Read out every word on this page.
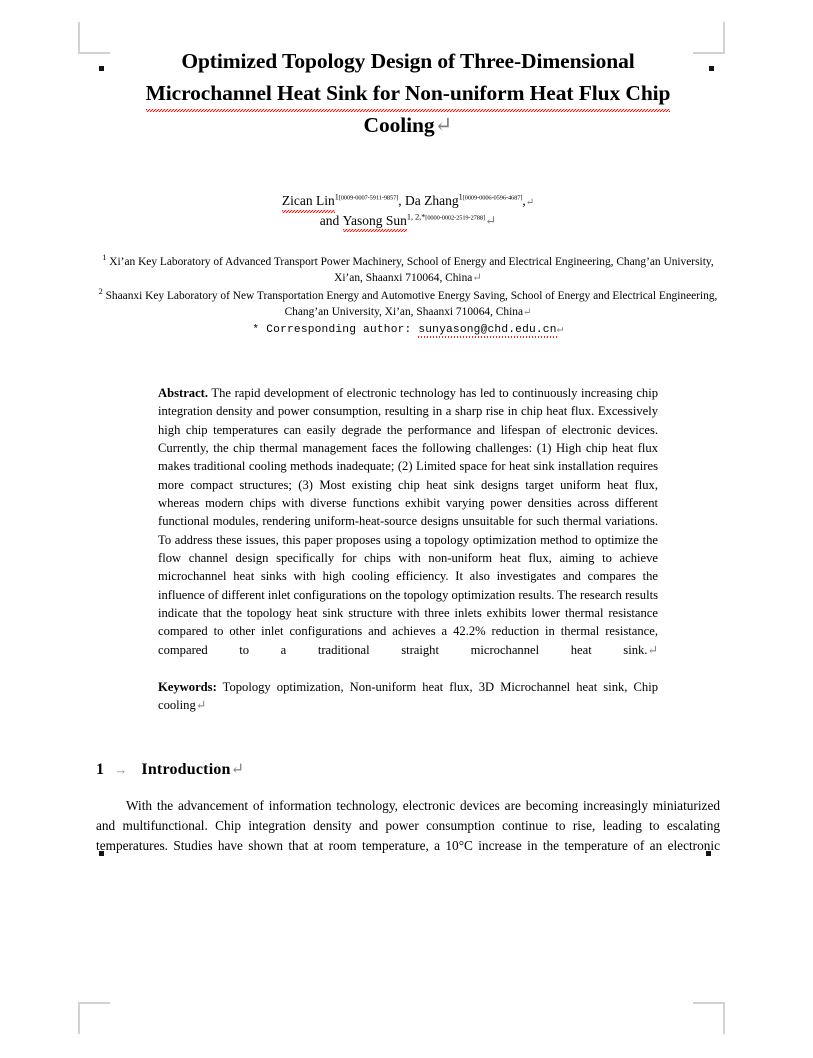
Optimized Topology Design of Three-Dimensional
Microchannel Heat Sink for Non-uniform Heat Flux Chip
Cooling↵
Zican Lin$^{1[0009-0007-5911-9857]}$, Da Zhang$^{1[0009-0006-0596-4687]}$,↵
and Yasong Sun$^{1, 2,*[0000-0002-2519-2788]}$↵

$^1$ Xi’an Key Laboratory of Advanced Transport Power Machinery, School of Energy and Electrical Engineering, Chang’an University, Xi’an, Shaanxi 710064, China↵

$^2$ Shaanxi Key Laboratory of New Transportation Energy and Automotive Energy Saving, School of Energy and Electrical Engineering, Chang’an University, Xi’an, Shaanxi 710064, China↵

* Corresponding author: sunyasong@chd.edu.cn↵

Abstract. The rapid development of electronic technology has led to continuously increasing chip integration density and power consumption, resulting in a sharp rise in chip heat flux. Excessively high chip temperatures can easily degrade the performance and lifespan of electronic devices. Currently, the chip thermal management faces the following challenges: (1) High chip heat flux makes traditional cooling methods inadequate; (2) Limited space for heat sink installation requires more compact structures; (3) Most existing chip heat sink designs target uniform heat flux, whereas modern chips with diverse functions exhibit varying power densities across different functional modules, rendering uniform-heat-source designs unsuitable for such thermal variations. To address these issues, this paper proposes using a topology optimization method to optimize the flow channel design specifically for chips with non-uniform heat flux, aiming to achieve microchannel heat sinks with high cooling efficiency. It also investigates and compares the influence of different inlet configurations on the topology optimization results. The research results indicate that the topology heat sink structure with three inlets exhibits lower thermal resistance compared to other inlet configurations and achieves a 42.2% reduction in thermal resistance, compared to a traditional straight microchannel heat sink.↵

Keywords: Topology optimization, Non-uniform heat flux, 3D Microchannel heat sink, Chip cooling↵

1 → Introduction↵

With the advancement of information technology, electronic devices are becoming increasingly miniaturized and multifunctional. Chip integration density and power consumption continue to rise, leading to escalating temperatures. Studies have shown that at room temperature, a 10°C increase in the temperature of an electronic
